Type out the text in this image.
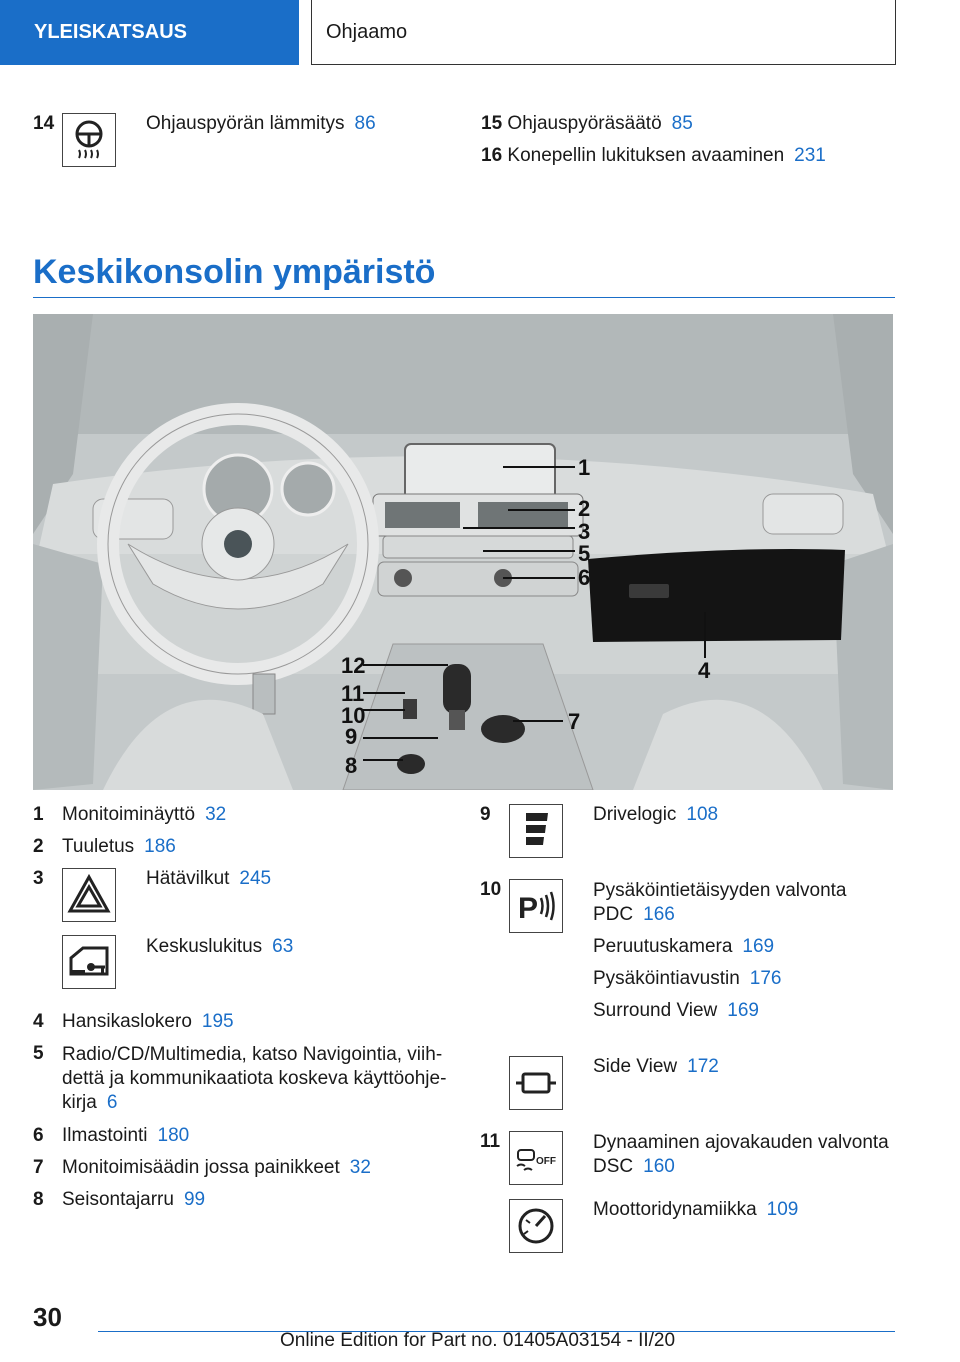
YLEISKATSAUS	Ohjaamo
14	Ohjauspyörän lämmitys 86	15 Ohjauspyöräsäätö 85
16 Konepellin lukituksen avaaminen 231
Keskikonsolin ympäristö
1
2
3
5
6
4
7
8
9
10
11
12
1 Monitoiminäyttö 32
2 Tuuletus 186
3	Hätävilkut 245
Keskuslukitus 63
4 Hansikaslokero 195
5 Radio/CD/Multimedia, katso Navigointia, viih-
dettä ja kommunikaatiota koskeva käyttöohje-
kirja 6
6 Ilmastointi 180
7 Monitoimisäädin jossa painikkeet 32
8 Seisontajarru 99
9	Drivelogic 108
10
P
Pysäköintietäisyyden valvonta
PDC 166
Peruutuskamera 169
Pysäköintiavustin 176
Surround View 169
Side View 172
11
OFF
Dynaaminen ajovakauden valvonta
DSC 160
Moottoridynamiikka 109
30
Online Edition for Part no. 01405A03154 - II/20
